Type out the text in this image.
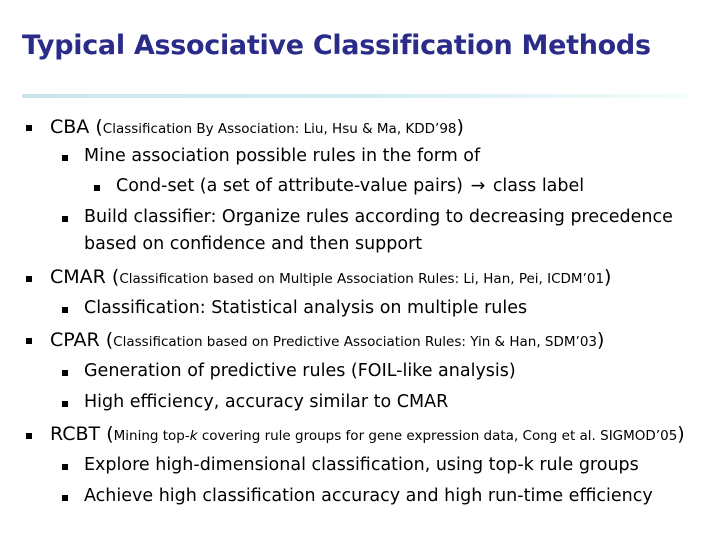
Typical Associative Classification Methods
CBA (Classification By Association: Liu, Hsu & Ma, KDD’98)
Mine association possible rules in the form of
Cond-set (a set of attribute-value pairs) → class label
Build classifier: Organize rules according to decreasing precedence
based on confidence and then support
CMAR (Classification based on Multiple Association Rules: Li, Han, Pei, ICDM’01)
Classification: Statistical analysis on multiple rules
CPAR (Classification based on Predictive Association Rules: Yin & Han, SDM’03)
Generation of predictive rules (FOIL-like analysis)
High efficiency, accuracy similar to CMAR
RCBT (Mining top-k covering rule groups for gene expression data, Cong et al. SIGMOD’05)
Explore high-dimensional classification, using top-k rule groups
Achieve high classification accuracy and high run-time efficiency
